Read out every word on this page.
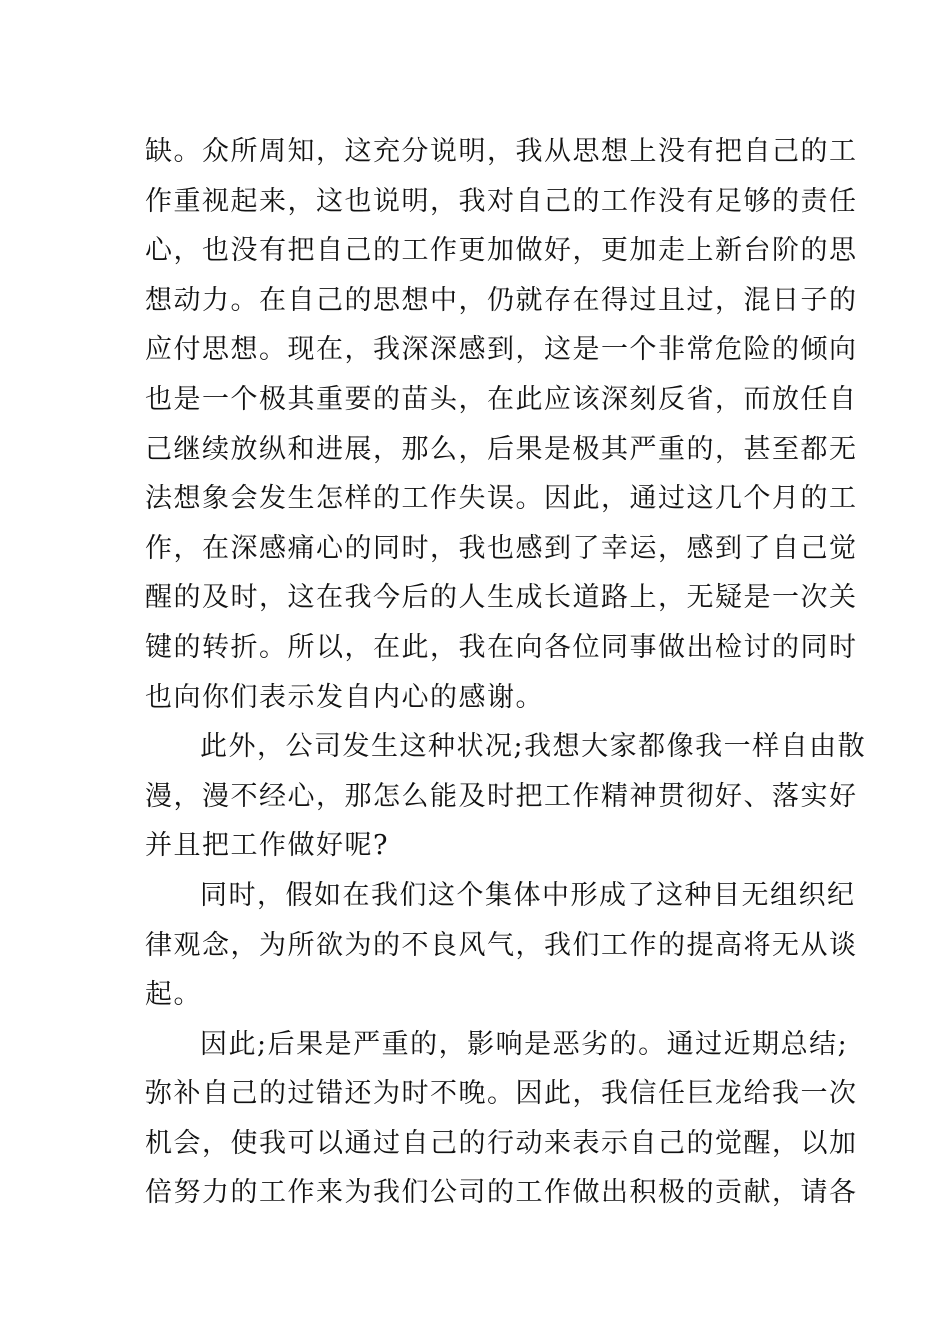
缺。众所周知，这充分说明，我从思想上没有把自己的工
作重视起来，这也说明，我对自己的工作没有足够的责任
心，也没有把自己的工作更加做好，更加走上新台阶的思
想动力。在自己的思想中，仍就存在得过且过，混日子的
应付思想。现在，我深深感到，这是一个非常危险的倾向
也是一个极其重要的苗头，在此应该深刻反省，而放任自
己继续放纵和进展，那么，后果是极其严重的，甚至都无
法想象会发生怎样的工作失误。因此，通过这几个月的工
作，在深感痛心的同时，我也感到了幸运，感到了自己觉
醒的及时，这在我今后的人生成长道路上，无疑是一次关
键的转折。所以，在此，我在向各位同事做出检讨的同时
也向你们表示发自内心的感谢。
此外，公司发生这种状况;我想大家都像我一样自由散
漫，漫不经心，那怎么能及时把工作精神贯彻好、落实好
并且把工作做好呢?
同时，假如在我们这个集体中形成了这种目无组织纪
律观念，为所欲为的不良风气，我们工作的提高将无从谈
起。
因此;后果是严重的，影响是恶劣的。通过近期总结;
弥补自己的过错还为时不晚。因此，我信任巨龙给我一次
机会，使我可以通过自己的行动来表示自己的觉醒，以加
倍努力的工作来为我们公司的工作做出积极的贡献，请各
